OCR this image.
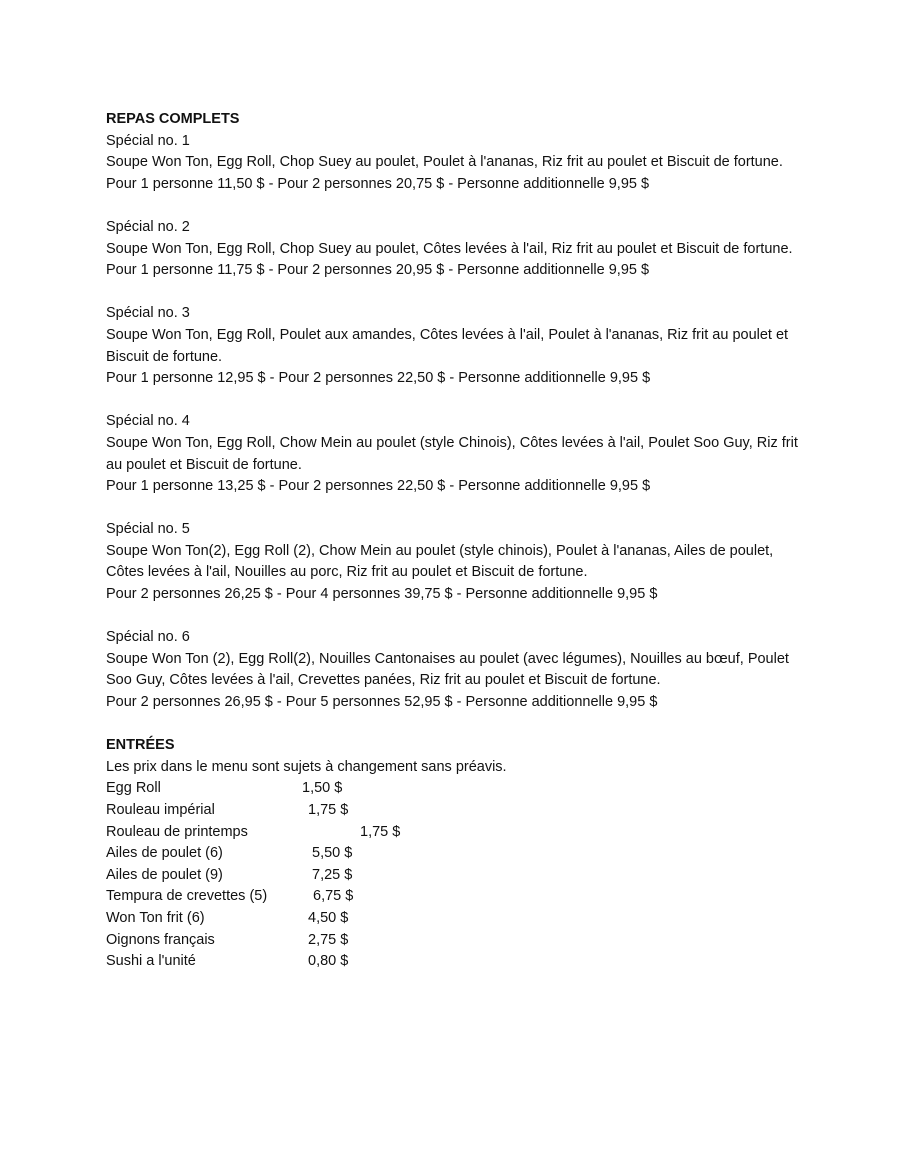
REPAS COMPLETS

Spécial no. 1

Soupe Won Ton, Egg Roll, Chop Suey au poulet, Poulet à l'ananas, Riz frit au poulet et Biscuit de fortune.

Pour 1 personne 11,50 $ - Pour 2 personnes 20,75 $ - Personne additionnelle 9,95 $

Spécial no. 2

Soupe Won Ton, Egg Roll, Chop Suey au poulet, Côtes levées à l'ail, Riz frit au poulet et Biscuit de fortune.

Pour 1 personne 11,75 $ - Pour 2 personnes 20,95 $ - Personne additionnelle 9,95 $

Spécial no. 3

Soupe Won Ton, Egg Roll, Poulet aux amandes, Côtes levées à l'ail, Poulet à l'ananas, Riz frit au poulet et Biscuit de fortune.

Pour 1 personne 12,95 $ - Pour 2 personnes 22,50 $ - Personne additionnelle 9,95 $

Spécial no. 4

Soupe Won Ton, Egg Roll, Chow Mein au poulet (style Chinois), Côtes levées à l'ail, Poulet Soo Guy, Riz frit au poulet et Biscuit de fortune.

Pour 1 personne 13,25 $ - Pour 2 personnes 22,50 $ - Personne additionnelle 9,95 $

Spécial no. 5

Soupe Won Ton(2), Egg Roll (2), Chow Mein au poulet (style chinois), Poulet à l'ananas, Ailes de poulet, Côtes levées à l'ail, Nouilles au porc, Riz frit au poulet et Biscuit de fortune.

Pour 2 personnes 26,25 $ - Pour 4 personnes 39,75 $ - Personne additionnelle 9,95 $

Spécial no. 6

Soupe Won Ton (2), Egg Roll(2), Nouilles Cantonaises au poulet (avec légumes), Nouilles au bœuf, Poulet Soo Guy, Côtes levées à l'ail, Crevettes panées, Riz frit au poulet et Biscuit de fortune.

Pour 2 personnes 26,95 $ - Pour 5 personnes 52,95 $ - Personne additionnelle 9,95 $

ENTRÉES

Les prix dans le menu sont sujets à changement sans préavis.

Egg Roll	1,50 $
Rouleau impérial	1,75 $
Rouleau de printemps	1,75 $
Ailes de poulet (6)	5,50 $
Ailes de poulet (9)	7,25 $
Tempura de crevettes (5)	6,75 $
Won Ton frit (6)	4,50 $
Oignons français	2,75 $
Sushi a l'unité	0,80 $
